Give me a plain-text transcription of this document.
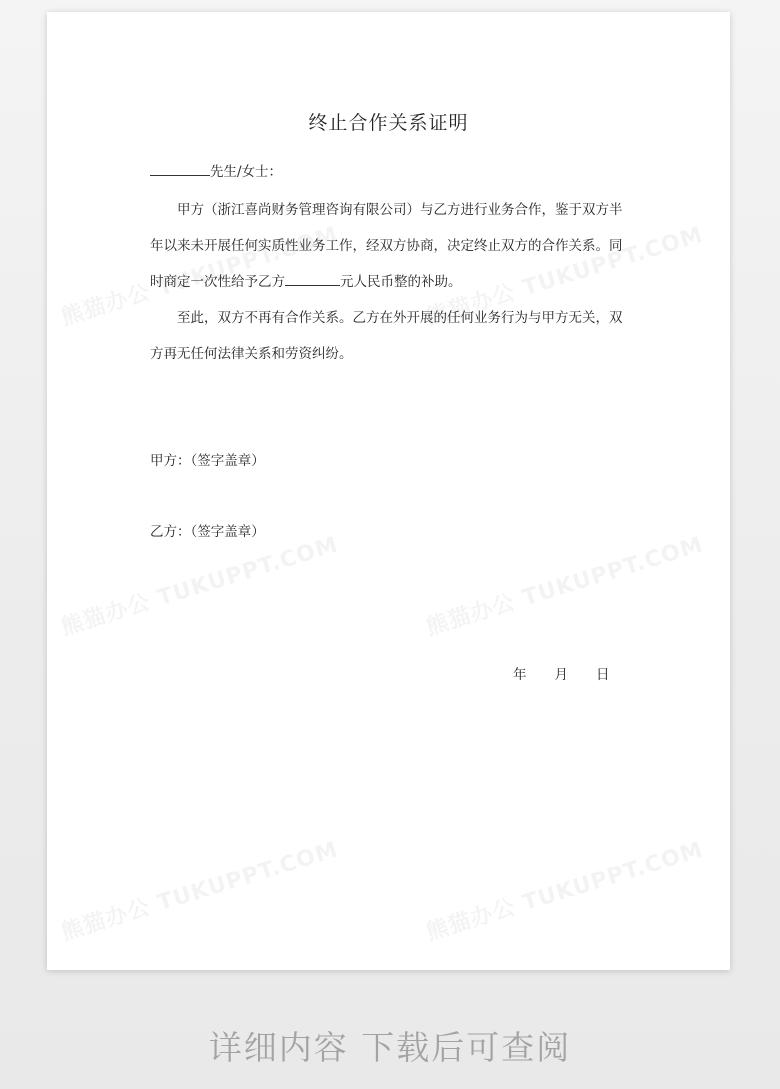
终止合作关系证明
先生/女士：
甲方（浙江喜尚财务管理咨询有限公司）与乙方进行业务合作，鉴于双方半年以来未开展任何实质性业务工作，经双方协商，决定终止双方的合作关系。同时商定一次性给予乙方	元人民币整的补助。
至此，双方不再有合作关系。乙方在外开展的任何业务行为与甲方无关，双方再无任何法律关系和劳资纠纷。
甲方：（签字盖章）
乙方：（签字盖章）
年 月 日
详细内容 下载后可查阅
